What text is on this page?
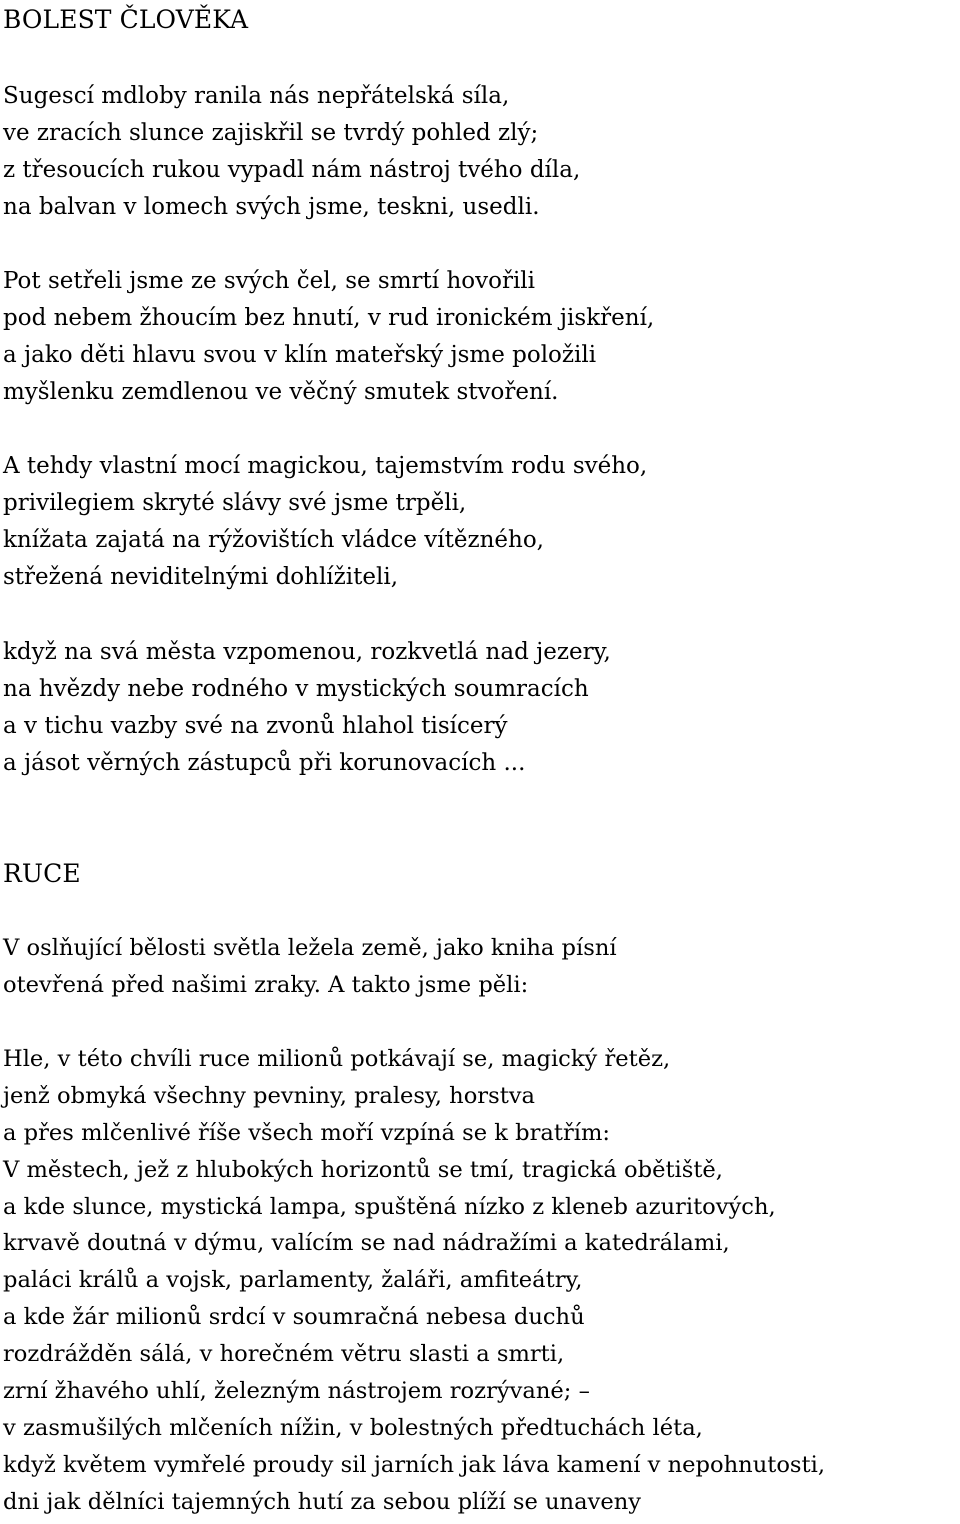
BOLEST ČLOVĚKA
Sugescí mdloby ranila nás nepřátelská síla,
ve zracích slunce zajiskřil se tvrdý pohled zlý;
z třesoucích rukou vypadl nám nástroj tvého díla,
na balvan v lomech svých jsme, teskni, usedli.
Pot setřeli jsme ze svých čel, se smrtí hovořili
pod nebem žhoucím bez hnutí, v rud ironickém jiskření,
a jako děti hlavu svou v klín mateřský jsme položili
myšlenku zemdlenou ve věčný smutek stvoření.
A tehdy vlastní mocí magickou, tajemstvím rodu svého,
privilegiem skryté slávy své jsme trpěli,
knížata zajatá na rýžovištích vládce vítězného,
střežená neviditelnými dohlížiteli,
když na svá města vzpomenou, rozkvetlá nad jezery,
na hvězdy nebe rodného v mystických soumracích
a v tichu vazby své na zvonů hlahol tisícerý
a jásot věrných zástupců při korunovacích ...
RUCE
V oslňující bělosti světla ležela země, jako kniha písní
otevřená před našimi zraky. A takto jsme pěli:
Hle, v této chvíli ruce milionů potkávají se, magický řetěz,
jenž obmyká všechny pevniny, pralesy, horstva
a přes mlčenlivé říše všech moří vzpíná se k bratřím:
V městech, jež z hlubokých horizontů se tmí, tragická obětiště,
a kde slunce, mystická lampa, spuštěná nízko z kleneb azuritových,
krvavě doutná v dýmu, valícím se nad nádražími a katedrálami,
paláci králů a vojsk, parlamenty, žaláři, amfiteátry,
a kde žár milionů srdcí v soumračná nebesa duchů
rozdrážděn sálá, v horečném větru slasti a smrti,
zrní žhavého uhlí, železným nástrojem rozrývané; –
v zasmušilých mlčeních nížin, v bolestných předtuchách léta,
když květem vymřelé proudy sil jarních jak láva kamení v nepohnutosti,
dni jak dělníci tajemných hutí za sebou plíží se unaveny
